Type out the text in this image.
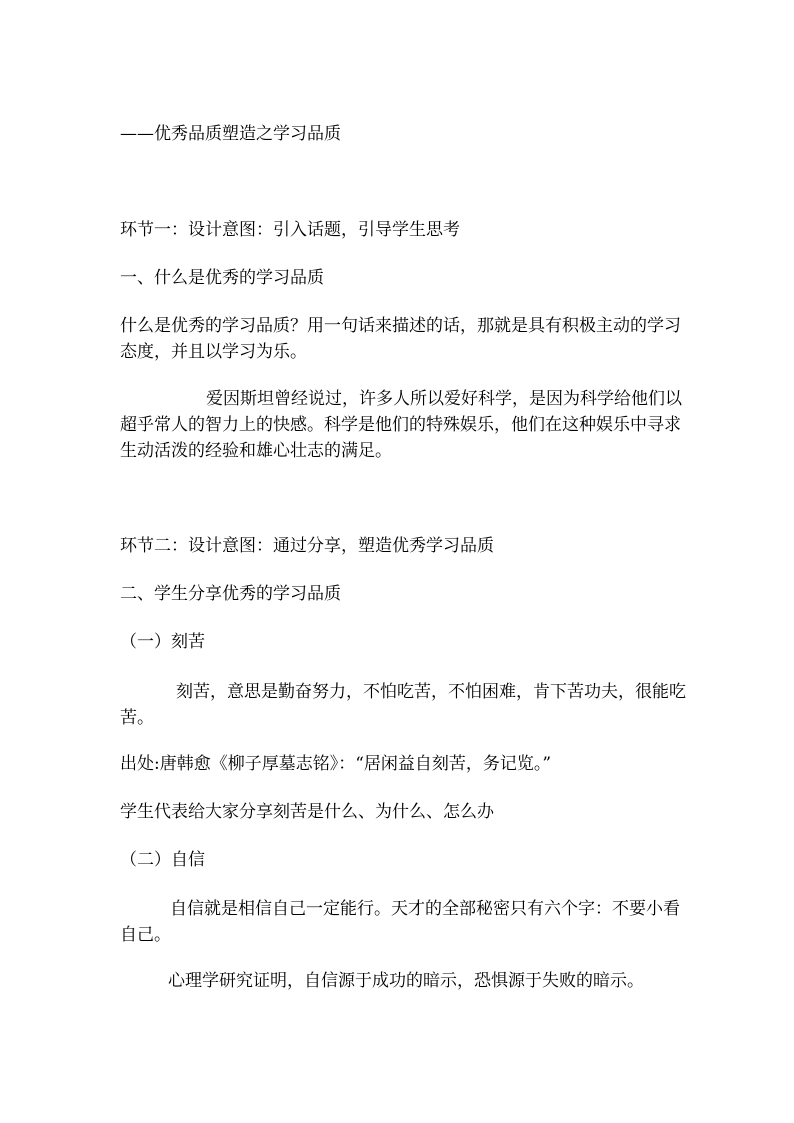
——优秀品质塑造之学习品质
环节一：设计意图：引入话题，引导学生思考
一、什么是优秀的学习品质
什么是优秀的学习品质？用一句话来描述的话，那就是具有积极主动的学习态度，并且以学习为乐。
爱因斯坦曾经说过，许多人所以爱好科学，是因为科学给他们以超乎常人的智力上的快感。科学是他们的特殊娱乐，他们在这种娱乐中寻求生动活泼的经验和雄心壮志的满足。
环节二：设计意图：通过分享，塑造优秀学习品质
二、学生分享优秀的学习品质
（一）刻苦
刻苦，意思是勤奋努力，不怕吃苦，不怕困难，肯下苦功夫，很能吃苦。
出处:唐韩愈《柳子厚墓志铭》：“居闲益自刻苦，务记览。”
学生代表给大家分享刻苦是什么、为什么、怎么办
（二）自信
自信就是相信自己一定能行。天才的全部秘密只有六个字：不要小看自己。
心理学研究证明，自信源于成功的暗示，恐惧源于失败的暗示。
